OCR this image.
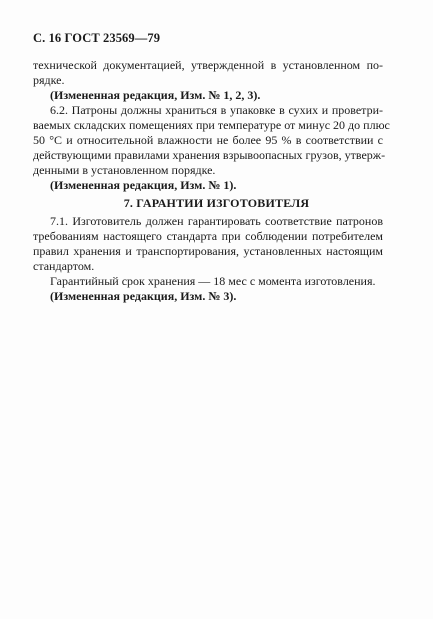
С. 16 ГОСТ 23569—79
технической документацией, утвержденной в установленном по-
рядке.
(Измененная редакция, Изм. № 1, 2, 3).
6.2. Патроны должны храниться в упаковке в сухих и проветри-
ваемых складских помещениях при температуре от минус 20 до плюс
50 °С и относительной влажности не более 95 % в соответствии с
действующими правилами хранения взрывоопасных грузов, утверж-
денными в установленном порядке.
(Измененная редакция, Изм. № 1).
7. ГАРАНТИИ ИЗГОТОВИТЕЛЯ
7.1. Изготовитель должен гарантировать соответствие патронов
требованиям настоящего стандарта при соблюдении потребителем
правил хранения и транспортирования, установленных настоящим
стандартом.
Гарантийный срок хранения — 18 мес с момента изготовления.
(Измененная редакция, Изм. № 3).
